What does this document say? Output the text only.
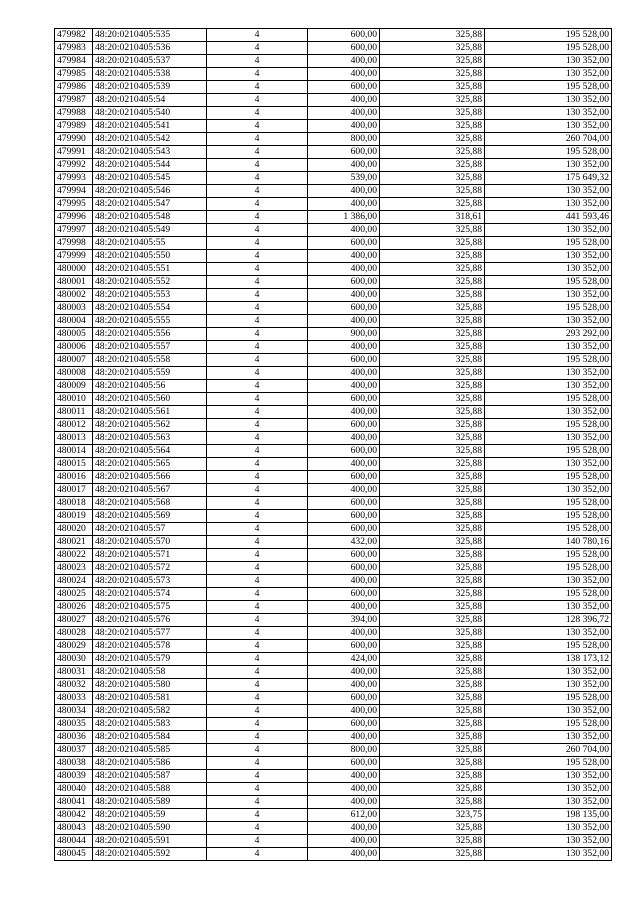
479982	48:20:0210405:535	4	600,00	325,88	195 528,00
479983	48:20:0210405:536	4	600,00	325,88	195 528,00
479984	48:20:0210405:537	4	400,00	325,88	130 352,00
479985	48:20:0210405:538	4	400,00	325,88	130 352,00
479986	48:20:0210405:539	4	600,00	325,88	195 528,00
479987	48:20:0210405:54	4	400,00	325,88	130 352,00
479988	48:20:0210405:540	4	400,00	325,88	130 352,00
479989	48:20:0210405:541	4	400,00	325,88	130 352,00
479990	48:20:0210405:542	4	800,00	325,88	260 704,00
479991	48:20:0210405:543	4	600,00	325,88	195 528,00
479992	48:20:0210405:544	4	400,00	325,88	130 352,00
479993	48:20:0210405:545	4	539,00	325,88	175 649,32
479994	48:20:0210405:546	4	400,00	325,88	130 352,00
479995	48:20:0210405:547	4	400,00	325,88	130 352,00
479996	48:20:0210405:548	4	1 386,00	318,61	441 593,46
479997	48:20:0210405:549	4	400,00	325,88	130 352,00
479998	48:20:0210405:55	4	600,00	325,88	195 528,00
479999	48:20:0210405:550	4	400,00	325,88	130 352,00
480000	48:20:0210405:551	4	400,00	325,88	130 352,00
480001	48:20:0210405:552	4	600,00	325,88	195 528,00
480002	48:20:0210405:553	4	400,00	325,88	130 352,00
480003	48:20:0210405:554	4	600,00	325,88	195 528,00
480004	48:20:0210405:555	4	400,00	325,88	130 352,00
480005	48:20:0210405:556	4	900,00	325,88	293 292,00
480006	48:20:0210405:557	4	400,00	325,88	130 352,00
480007	48:20:0210405:558	4	600,00	325,88	195 528,00
480008	48:20:0210405:559	4	400,00	325,88	130 352,00
480009	48:20:0210405:56	4	400,00	325,88	130 352,00
480010	48:20:0210405:560	4	600,00	325,88	195 528,00
480011	48:20:0210405:561	4	400,00	325,88	130 352,00
480012	48:20:0210405:562	4	600,00	325,88	195 528,00
480013	48:20:0210405:563	4	400,00	325,88	130 352,00
480014	48:20:0210405:564	4	600,00	325,88	195 528,00
480015	48:20:0210405:565	4	400,00	325,88	130 352,00
480016	48:20:0210405:566	4	600,00	325,88	195 528,00
480017	48:20:0210405:567	4	400,00	325,88	130 352,00
480018	48:20:0210405:568	4	600,00	325,88	195 528,00
480019	48:20:0210405:569	4	600,00	325,88	195 528,00
480020	48:20:0210405:57	4	600,00	325,88	195 528,00
480021	48:20:0210405:570	4	432,00	325,88	140 780,16
480022	48:20:0210405:571	4	600,00	325,88	195 528,00
480023	48:20:0210405:572	4	600,00	325,88	195 528,00
480024	48:20:0210405:573	4	400,00	325,88	130 352,00
480025	48:20:0210405:574	4	600,00	325,88	195 528,00
480026	48:20:0210405:575	4	400,00	325,88	130 352,00
480027	48:20:0210405:576	4	394,00	325,88	128 396,72
480028	48:20:0210405:577	4	400,00	325,88	130 352,00
480029	48:20:0210405:578	4	600,00	325,88	195 528,00
480030	48:20:0210405:579	4	424,00	325,88	138 173,12
480031	48:20:0210405:58	4	400,00	325,88	130 352,00
480032	48:20:0210405:580	4	400,00	325,88	130 352,00
480033	48:20:0210405:581	4	600,00	325,88	195 528,00
480034	48:20:0210405:582	4	400,00	325,88	130 352,00
480035	48:20:0210405:583	4	600,00	325,88	195 528,00
480036	48:20:0210405:584	4	400,00	325,88	130 352,00
480037	48:20:0210405:585	4	800,00	325,88	260 704,00
480038	48:20:0210405:586	4	600,00	325,88	195 528,00
480039	48:20:0210405:587	4	400,00	325,88	130 352,00
480040	48:20:0210405:588	4	400,00	325,88	130 352,00
480041	48:20:0210405:589	4	400,00	325,88	130 352,00
480042	48:20:0210405:59	4	612,00	323,75	198 135,00
480043	48:20:0210405:590	4	400,00	325,88	130 352,00
480044	48:20:0210405:591	4	400,00	325,88	130 352,00
480045	48:20:0210405:592	4	400,00	325,88	130 352,00
